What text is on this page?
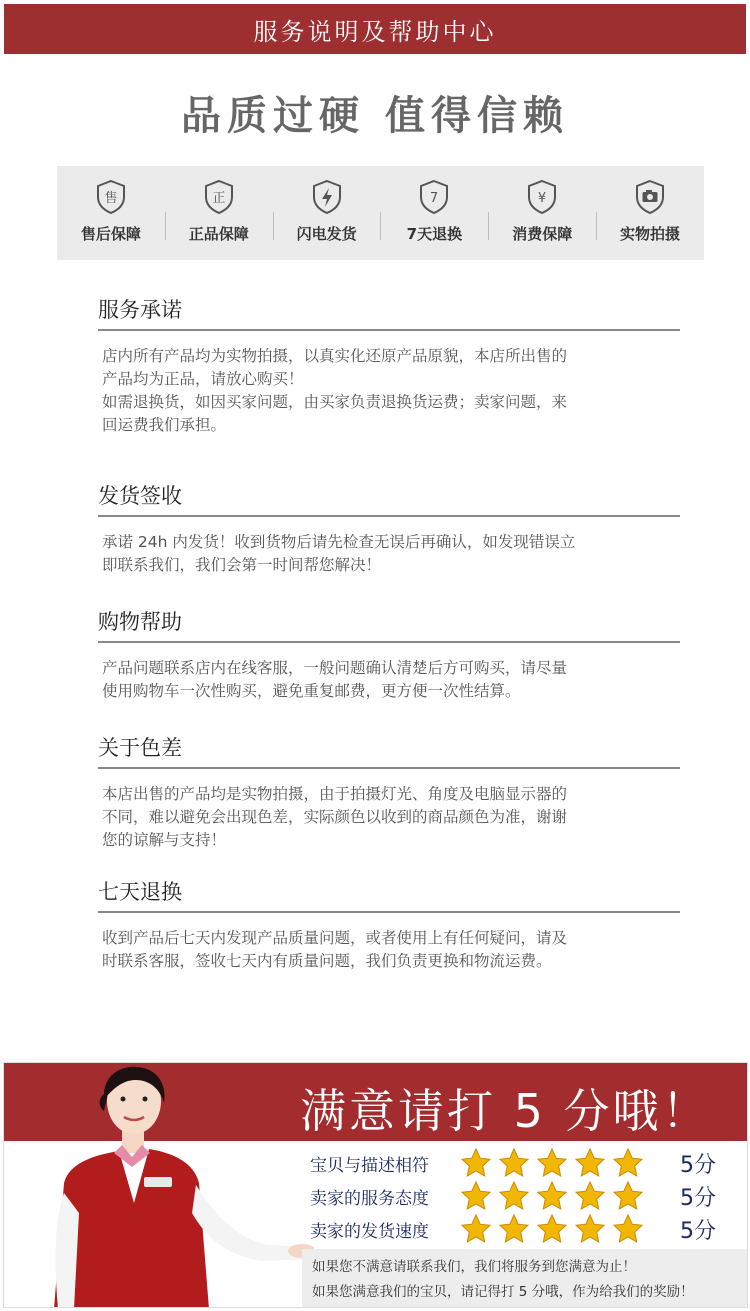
服务说明及帮助中心
品质过硬 值得信赖
售
售后保障
正
正品保障	闪电发货
7
7天退换
¥
消费保障	实物拍摄
服务承诺
店内所有产品均为实物拍摄，以真实化还原产品原貌，本店所出售的
产品均为正品，请放心购买！
如需退换货，如因买家问题，由买家负责退换货运费；卖家问题，来
回运费我们承担。
发货签收
承诺 24h 内发货！收到货物后请先检查无误后再确认，如发现错误立
即联系我们，我们会第一时间帮您解决！
购物帮助
产品问题联系店内在线客服，一般问题确认清楚后方可购买，请尽量
使用购物车一次性购买，避免重复邮费，更方便一次性结算。
关于色差
本店出售的产品均是实物拍摄，由于拍摄灯光、角度及电脑显示器的
不同，难以避免会出现色差，实际颜色以收到的商品颜色为准，谢谢
您的谅解与支持！
七天退换
收到产品后七天内发现产品质量问题，或者使用上有任何疑问，请及
时联系客服，签收七天内有质量问题，我们负责更换和物流运费。
满意请打 5 分哦！
宝贝与描述相符	5分
卖家的服务态度	5分
卖家的发货速度	5分
如果您不满意请联系我们，我们将服务到您满意为止！
如果您满意我们的宝贝，请记得打 5 分哦，作为给我们的奖励！
